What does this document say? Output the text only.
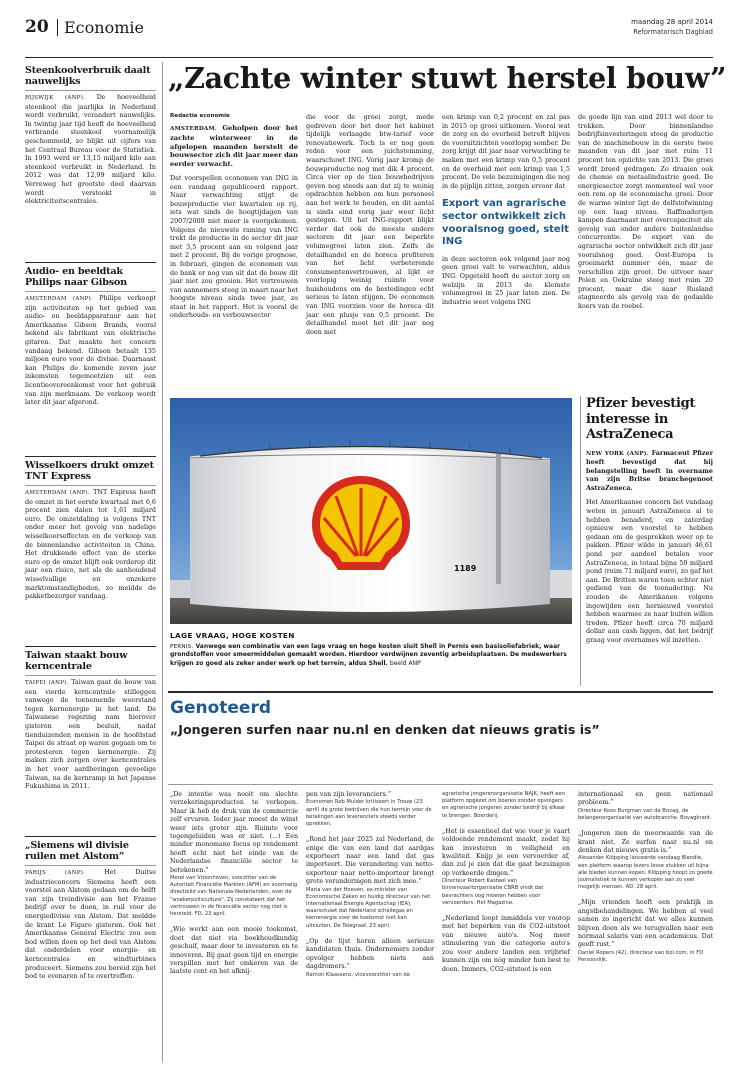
20 Economie	maandag 28 april 2014
Reformatorisch Dagblad
Steenkoolverbruik daalt nauwelijks
RIJSWIJK (ANP). De hoeveelheid steenkool die jaarlijks in Nederland wordt verbruikt, verandert nauwelijks. In twintig jaar tijd heeft de hoeveelheid verbrande steenkool voornamelijk geschommeld, zo blijkt uit cijfers van het Centraal Bureau voor de Statistiek. In 1993 werd er 13,15 miljard kilo aan steenkool verbruikt in Nederland. In 2012 was dat 12,99 miljard kilo. Verreweg het grootste deel daarvan wordt verstookt in elektriciteitscentrales.
Audio- en beeldtak Philips naar Gibson
AMSTERDAM (ANP). Philips verkoopt zijn activiteiten op het gebied van audio- en beeldapparatuur aan het Amerikaanse Gibson Brands, vooral bekend als fabrikant van elektrische gitaren. Dat maakte het concern vandaag bekend. Gibson betaalt 135 miljoen euro voor de divisie. Daarnaast kan Philips de komende zeven jaar inkomsten tegemoetzien uit een licentieovereenkomst voor het gebruik van zijn merknaam. De verkoop wordt later dit jaar afgerond.
Wisselkoers drukt omzet TNT Express
AMSTERDAM (ANP). TNT Express heeft de omzet in het eerste kwartaal met 6,6 procent zien dalen tot 1,61 miljard euro. De omzetdaling is volgens TNT onder meer het gevolg van nadelige wisselkoerseffecten en de verkoop van de binnenlandse activiteiten in China. Het drukkende effect van de sterke euro op de omzet blijft ook verderop dit jaar een risico, net als de aanhoudend wisselvallige en onzekere marktomstandigheden, zo meldde de pakketbezorger vandaag.
Taiwan staakt bouw kerncentrale
TAIPEI (ANP). Taiwan gaat de bouw van een vierde kerncentrale stilleggen vanwege de toenemende weerstand tegen kernenergie in het land. De Taiwanese regering nam hierover gisteren een besluit, nadat tienduizenden mensen in de hoofdstad Taipei de straat op waren gegaan om te protesteren tegen kernenergie. Zij maken zich zorgen over kerncentrales in het voor aardbevingen gevoelige Taiwan, na de kernramp in het Japanse Fukushima in 2011.
„Siemens wil divisie ruilen met Alstom”
PARIJS (ANP).	Het Duitse industrieconcern Siemens heeft een voorstel aan Alstom gedaan om de helft van zijn treindivisie aan het Franse bedrijf over te doen, in ruil voor de energiedivisie van Alstom. Dat meldde de krant Le Figaro gisteren. Ook het Amerikaanse General Electric zou een bod willen doen op het deel van Alstom dat onderdelen voor energie- en kerncentrales en windturbines produceert. Siemens zou bereid zijn het bod te evenaren of te overtreffen.
„Zachte winter stuwt herstel bouw”
Redactie economie
AMSTERDAM. Geholpen door het zachte winterweer in de afgelopen maanden herstelt de bouwsector zich dit jaar meer dan eerder verwacht.
Dat voorspellen economen van ING in een vandaag gepubliceerd rapport. Naar verwachting stijgt de bouwproductie vier kwartalen op rij, iets wat sinds de hoogtijdagen van 2007/2008 niet meer is voorgekomen. Volgens de nieuwste raming van ING trekt de productie in de sector dit jaar met 3,5 procent aan en volgend jaar met 2 procent. Bij de vorige prognose, in februari, gingen de economen van de bank er nog van uit dat de bouw dit jaar niet zou groeien. Het vertrouwen van aannemers steeg in maart naar het hoogste niveau sinds twee jaar, zo staat in het rapport. Het is vooral de onderhouds- en verbouwsector
die voor de groei zorgt, mede gedreven door het door het kabinet tijdelijk verlaagde btw-tarief voor renovatiewerk. Toch is er nog geen reden voor een juichstemming, waarschuwt ING. Vorig jaar kromp de bouwproductie nog met dik 4 procent. Circa vier op de tien bouwbedrijven geven nog steeds aan dat zij te weinig opdrachten hebben om hun personeel aan het werk te houden, en dit aantal is sinds eind vorig jaar weer licht gestegen. Uit het ING-rapport blijkt verder dat ook de meeste andere sectoren dit jaar een beperkte volumegroei laten zien. Zelfs de detailhandel en de horeca profiteren van het licht verbeterende consumentenvertrouwen, al lijkt er voorlopig weinig ruimte voor huishoudens om de bestedingen echt serieus te laten stijgen. De economen van ING voorzien voor de horeca dit jaar een plusje van 0,5 procent. De detailhandel moet het dit jaar nog doen met
een krimp van 0,2 procent en zal pas in 2015 op groei uitkomen. Vooral wat de zorg en de overheid betreft blijven de vooruitzichten voorlopig somber. De zorg krijgt dit jaar naar verwachting te maken met een krimp van 0,5 procent en de overheid met een krimp van 1,5 procent. De vele bezuinigingen die nog in de pijplijn zitten, zorgen ervoor dat
Export van agrarische sector ontwikkelt zich vooralsnog goed, stelt ING
in deze sectoren ook volgend jaar nog geen groei valt te verwachten, aldus ING. Opgeteld heeft de sector zorg en welzijn in 2013 de kleinste volumegroei in 25 jaar laten zien. De industrie weet volgens ING
de goede lijn van eind 2013 wel door te trekken. Door binnenlandse bedrijfsinvesteringen steeg de productie van de machinebouw in de eerste twee maanden van dit jaar met ruim 11 procent ten opzichte van 2013. Die groei wordt breed gedragen. Zo draaien ook de chemie en metaalindustrie goed. De energiesector zorgt momenteel wel voor een rem op de economische groei. Door de warme winter ligt de delfstofwinning op een laag niveau. Raffinaderijen kampen daarnaast met overcapaciteit als gevolg van onder andere buitenlandse concurrentie. De export van de agrarische sector ontwikkelt zich dit jaar vooralsnog goed. Oost-Europa is groeimarkt nummer één, maar de verschillen zijn groot. De uitvoer naar Polen en Oekraïne steeg met ruim 20 procent, maar die naar Rusland stagneerde als gevolg van de gedaalde koers van de roebel.
1189
LAGE VRAAG, HOGE KOSTEN
PERNIS. Vanwege een combinatie van een lage vraag en hoge kosten sluit Shell in Pernis een basisoliefabriek, waar grondstoffen voor smeermiddelen gemaakt worden. Hierdoor verdwijnen zeventig arbeidsplaatsen. De medewerkers krijgen zo goed als zeker ander werk op het terrein, aldus Shell. beeld ANP
Pfizer bevestigt interesse in AstraZeneca
NEW YORK (ANP). Farmaceut Pfizer heeft bevestigd dat hij belangstelling heeft in overname van zijn Britse branchegenoot AstraZeneca.
Het Amerikaanse concern liet vandaag weten in januari AstraZeneca al te hebben benaderd, en zaterdag opnieuw een voorstel te hebben gedaan om de gesprekken weer op te pakken. Pfizer wilde in januari 46,61 pond per aandeel betalen voor AstraZeneca, in totaal bijna 59 miljard pond (ruim 71 miljard euro), zo gaf het aan. De Britten waren toen echter niet gediend van de toenadering. Nu zouden de Amerikanen volgens ingewijden een hernieuwd voorstel hebben waarmee ze naar buiten willen treden. Pfizer heeft circa 70 miljard dollar aan cash liggen, dat het bedrijf graag voor overnames wil inzetten.
Genoteerd
„Jongeren surfen naar nu.nl en denken dat nieuws gratis is”
„De intentie was nooit om slechte verzekeringsproducten te verkopen. Maar ik heb de druk van de commercie zelf ervaren. Ieder jaar moest de winst weer iets groter zijn. Ruimte voor tegengeluiden was er niet. (...) Een minder monomane focus op rendement hoeft echt niet het einde van de Nederlandse financiële sector te betekenen.”
Merel van Vroonhoven, voorzitter van de Autoriteit Financiële Markten (AFM) en voormalig directielid van Nationale-Nederlanden, over de "woekerpolisculture". Zij constateert dat het vertrouwen in de financiële sector nog niet is hersteld. FD, 23 april.
„Wie werkt aan een mooie toekomst, doet dat niet via boekhoudkundig geschuif, maar door te investeren en te innoveren. Bij gaat geen tijd en energie verspillen met het omkeren van de laatste cent en het afknij-
pen van zijn leveranciers.”
Economen Rob Mulder kritiseert in Trouw (23 april) de grote bedrijven die hun termijn voor de betalingen aan leveranciers steeds verder oprekken.
„Rond het jaar 2025 zal Nederland, de enige die van een land dat aardgas exporteert naar een land dat gas importeert. Die verandering van netto-exporteur naar netto-importeur brengt grote veranderingen met zich mee.”
Maria van der Hoeven, ex-minister van Economische Zaken en huidig directeur van het Internationaal Energie Agentschap (IEA), waarschuwt dat Nederland schaliegas en kernenergie voor de toekomst niet kan uitsluiten. De Telegraaf, 23 april.
„Op de lijst horen alleen serieuze kandidaten thuis. Ondernemers zonder opvolger hebben niets aan dagdromers.”
Ramon Klaassens, vicevoorzitter van de
agrarische jongerenorganisatie NAJK, heeft een platform opgezet om boeren zonder opvolgers en agrarische jongeren zonder bedrijf bij elkaar te brengen. Boerderij.
„Het is essentieel dat wie voor je vaart voldoende rendement maakt, zodat hij kan investeren in veiligheid en kwaliteit. Knijp je een vervoerder af, dan zul je zien dat die gaat bezuinigen op verkeerde dingen.”
Directeur Robert Kasteel van binnenvaartorganisatie CBRB vindt dat bevrachters oog moeten hebben voor vervoerders. Het Magazine.
„Nederland loopt inmiddels ver voorop met het beperken van de CO2-uitstoot van nieuwe auto's. Nog meer stimulering van die categorie auto's zou voor andere landen een vrijbrief kunnen zijn om nóg minder hun best te doen. Immers, CO2-uitstoot is een
internationaal en geen nationaal probleem.”
Directeur Koos Burgman van de Bovag, de belangenorganisatie van autobranche. Bovagkrant.
„Jongeren zien de meerwaarde van de krant niet. Ze surfen naar nu.nl en denken dat nieuws gratis is.”
Alexander Klöpping lanceerde vandaag Blendle, een platform waarop lezers losse stukken uit bijna alle bladen kunnen kopen. Klöpping hoopt zo goede journalistiek te kunnen verkopen aan zo veel mogelijk mensen. AD, 28 april.
„Mijn vrienden heeft een praktijk in angstbehandelingen. We hebben al veel samen zo ingericht dat we alles kunnen blijven doen als we terugvallen naar een normaal salaris van een academicus. Dat geeft rust.”
Daniel Ropers (42), directeur van bol.com, in FD Persoonlijk.
